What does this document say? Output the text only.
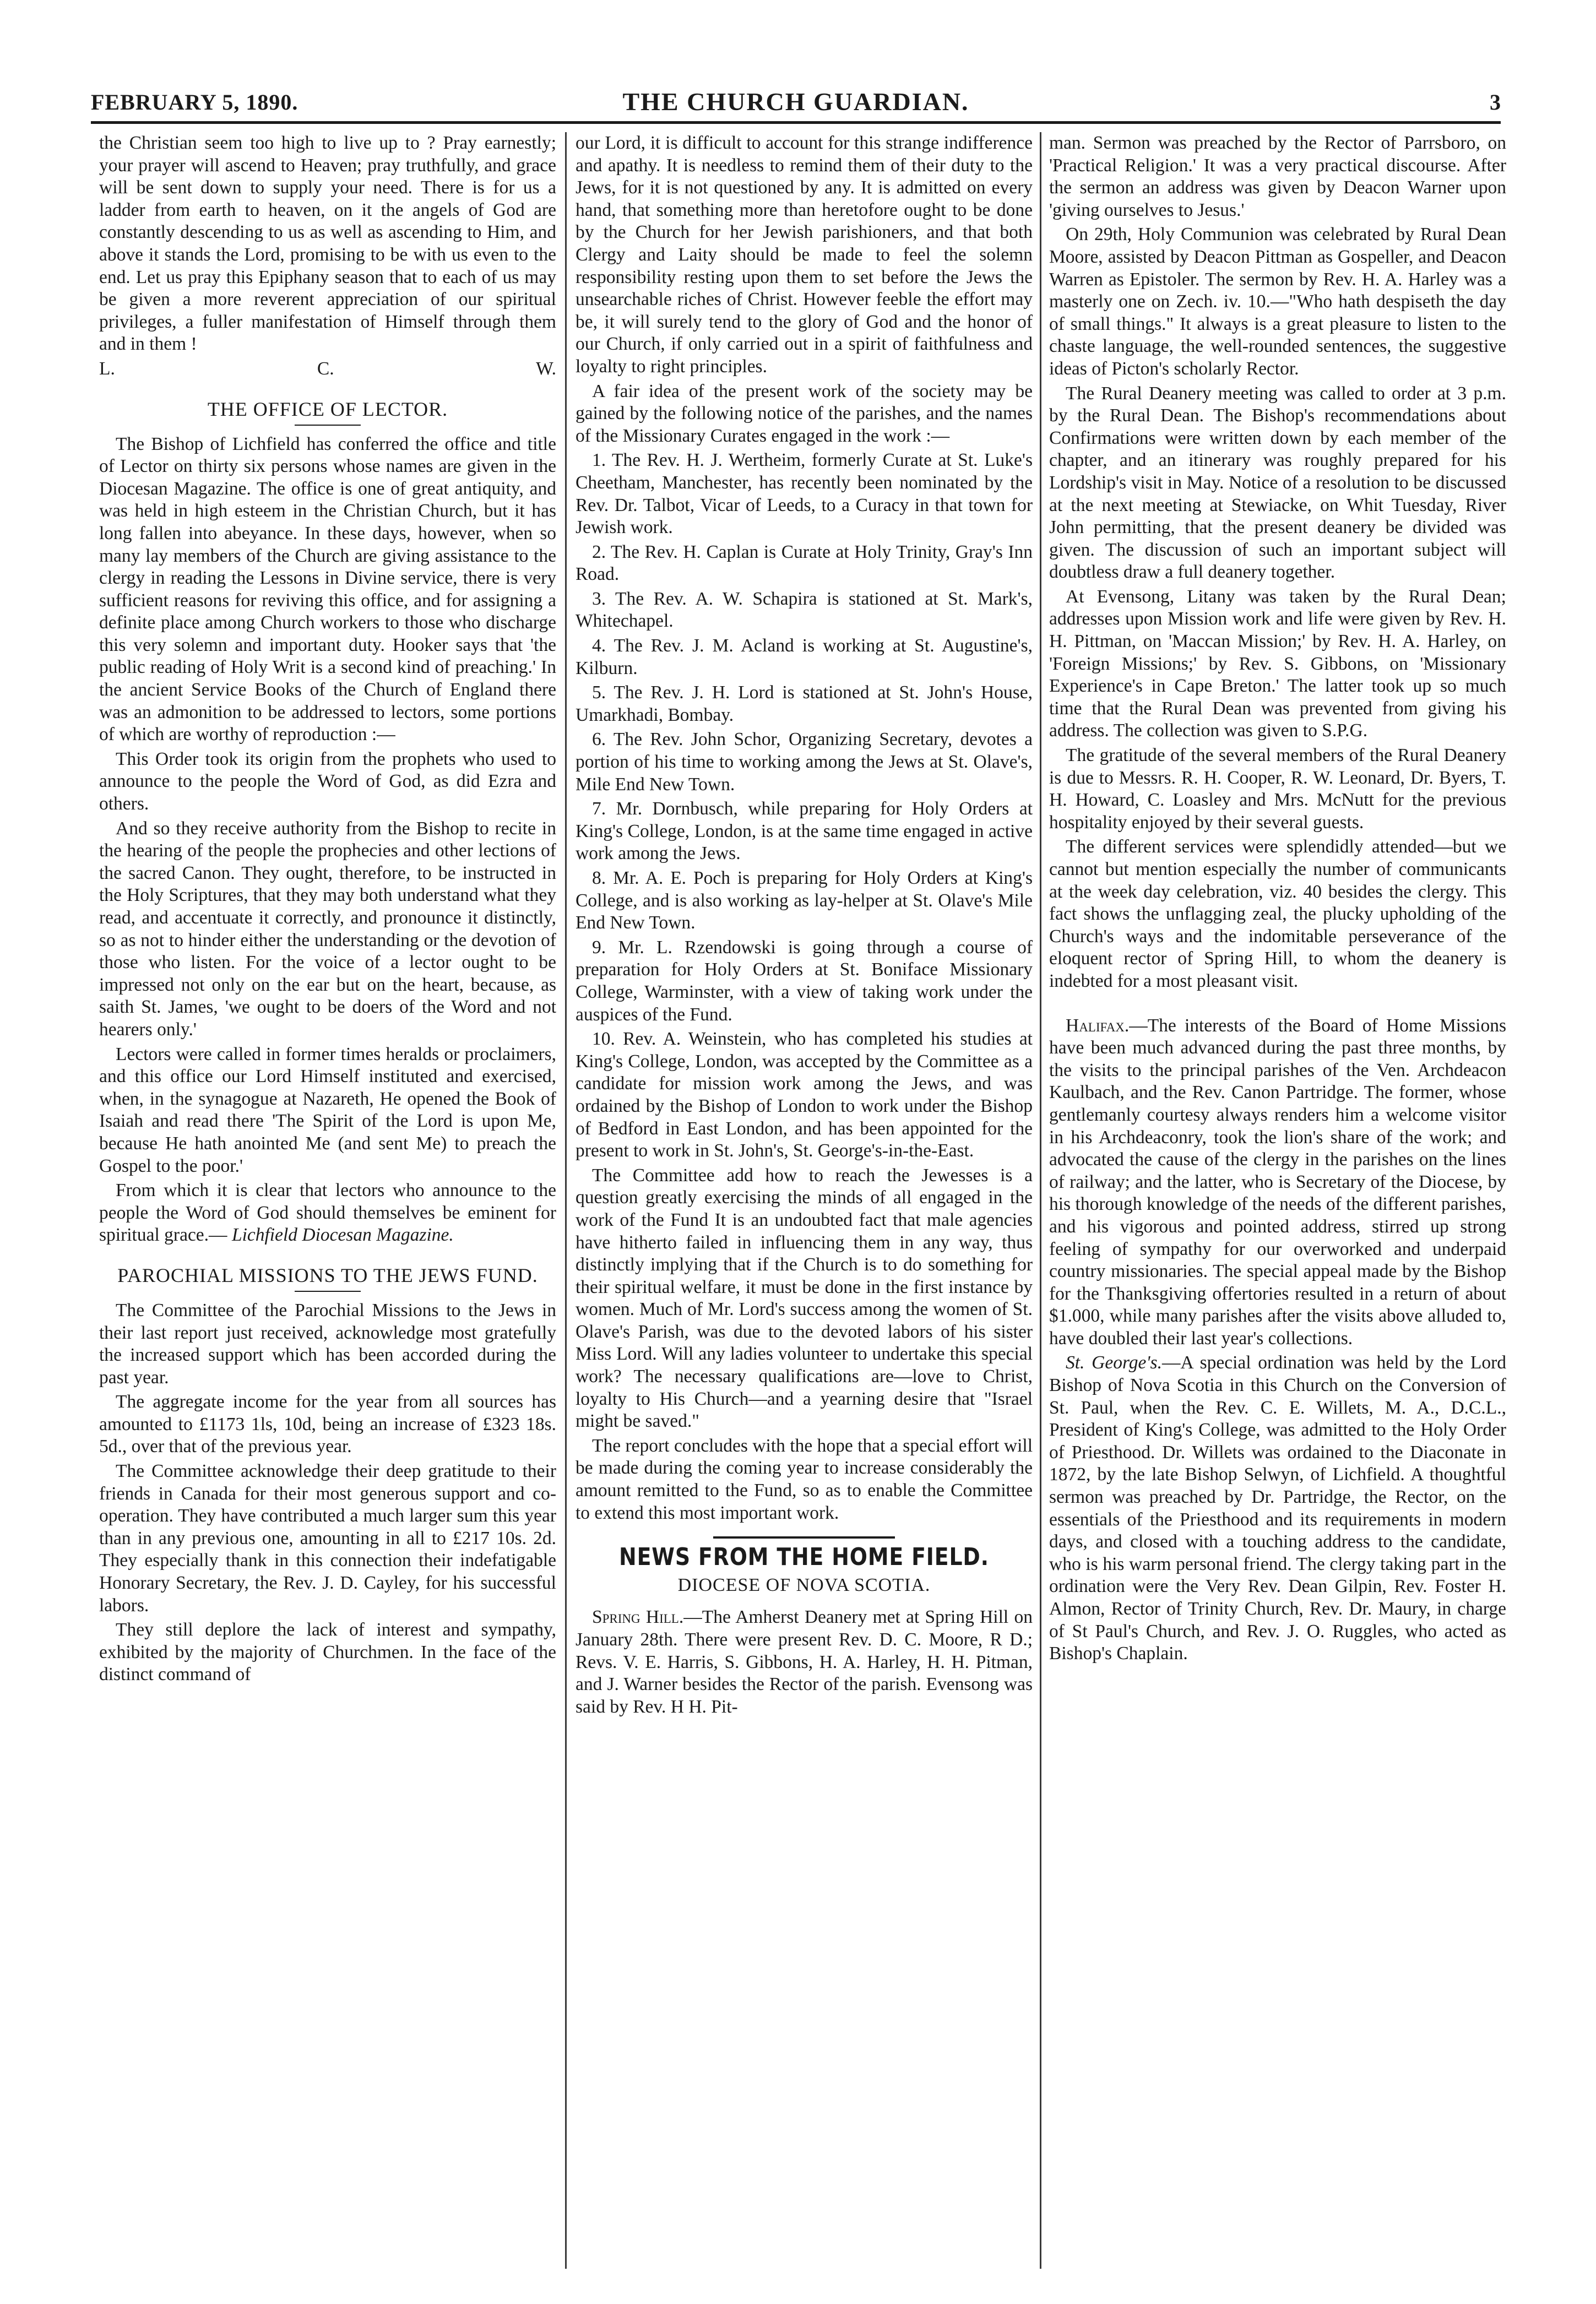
FEBRUARY 5, 1890.	THE CHURCH GUARDIAN.	3

the Christian seem too high to live up to ? Pray earnestly; your prayer will ascend to Heaven; pray truthfully, and grace will be sent down to supply your need. There is for us a ladder from earth to heaven, on it the angels of God are constantly descending to us as well as ascending to Him, and above it stands the Lord, promising to be with us even to the end. Let us pray this Epiphany season that to each of us may be given a more reverent appreciation of our spiritual privileges, a fuller manifestation of Himself through them and in them !

L. C. W.
THE OFFICE OF LECTOR.

The Bishop of Lichfield has conferred the office and title of Lector on thirty six persons whose names are given in the Diocesan Magazine. The office is one of great antiquity, and was held in high esteem in the Christian Church, but it has long fallen into abeyance. In these days, however, when so many lay members of the Church are giving assistance to the clergy in reading the Lessons in Divine service, there is very sufficient reasons for reviving this office, and for assigning a definite place among Church workers to those who discharge this very solemn and important duty. Hooker says that 'the public reading of Holy Writ is a second kind of preaching.' In the ancient Service Books of the Church of England there was an admonition to be addressed to lectors, some portions of which are worthy of reproduction :—

This Order took its origin from the prophets who used to announce to the people the Word of God, as did Ezra and others.

And so they receive authority from the Bishop to recite in the hearing of the people the prophecies and other lections of the sacred Canon. They ought, therefore, to be instructed in the Holy Scriptures, that they may both understand what they read, and accentuate it correctly, and pronounce it distinctly, so as not to hinder either the understanding or the devotion of those who listen. For the voice of a lector ought to be impressed not only on the ear but on the heart, because, as saith St. James, 'we ought to be doers of the Word and not hearers only.'

Lectors were called in former times heralds or proclaimers, and this office our Lord Himself instituted and exercised, when, in the synagogue at Nazareth, He opened the Book of Isaiah and read there 'The Spirit of the Lord is upon Me, because He hath anointed Me (and sent Me) to preach the Gospel to the poor.'

From which it is clear that lectors who announce to the people the Word of God should themselves be eminent for spiritual grace.— Lichfield Diocesan Magazine.

PAROCHIAL MISSIONS TO THE JEWS FUND.

The Committee of the Parochial Missions to the Jews in their last report just received, acknowledge most gratefully the increased support which has been accorded during the past year.

The aggregate income for the year from all sources has amounted to £1173 1ls, 10d, being an increase of £323 18s. 5d., over that of the previous year.

The Committee acknowledge their deep gratitude to their friends in Canada for their most generous support and co-operation. They have contributed a much larger sum this year than in any previous one, amounting in all to £217 10s. 2d. They especially thank in this connection their indefatigable Honorary Secretary, the Rev. J. D. Cayley, for his successful labors.

They still deplore the lack of interest and sympathy, exhibited by the majority of Churchmen. In the face of the distinct command of

our Lord, it is difficult to account for this strange indifference and apathy. It is needless to remind them of their duty to the Jews, for it is not questioned by any. It is admitted on every hand, that something more than heretofore ought to be done by the Church for her Jewish parishioners, and that both Clergy and Laity should be made to feel the solemn responsibility resting upon them to set before the Jews the unsearchable riches of Christ. However feeble the effort may be, it will surely tend to the glory of God and the honor of our Church, if only carried out in a spirit of faithfulness and loyalty to right principles.

A fair idea of the present work of the society may be gained by the following notice of the parishes, and the names of the Missionary Curates engaged in the work :—

1. The Rev. H. J. Wertheim, formerly Curate at St. Luke's Cheetham, Manchester, has recently been nominated by the Rev. Dr. Talbot, Vicar of Leeds, to a Curacy in that town for Jewish work.

2. The Rev. H. Caplan is Curate at Holy Trinity, Gray's Inn Road.

3. The Rev. A. W. Schapira is stationed at St. Mark's, Whitechapel.

4. The Rev. J. M. Acland is working at St. Augustine's, Kilburn.

5. The Rev. J. H. Lord is stationed at St. John's House, Umarkhadi, Bombay.

6. The Rev. John Schor, Organizing Secretary, devotes a portion of his time to working among the Jews at St. Olave's, Mile End New Town.

7. Mr. Dornbusch, while preparing for Holy Orders at King's College, London, is at the same time engaged in active work among the Jews.

8. Mr. A. E. Poch is preparing for Holy Orders at King's College, and is also working as lay-helper at St. Olave's Mile End New Town.

9. Mr. L. Rzendowski is going through a course of preparation for Holy Orders at St. Boniface Missionary College, Warminster, with a view of taking work under the auspices of the Fund.

10. Rev. A. Weinstein, who has completed his studies at King's College, London, was accepted by the Committee as a candidate for mission work among the Jews, and was ordained by the Bishop of London to work under the Bishop of Bedford in East London, and has been appointed for the present to work in St. John's, St. George's-in-the-East.

The Committee add how to reach the Jewesses is a question greatly exercising the minds of all engaged in the work of the Fund It is an undoubted fact that male agencies have hitherto failed in influencing them in any way, thus distinctly implying that if the Church is to do something for their spiritual welfare, it must be done in the first instance by women. Much of Mr. Lord's success among the women of St. Olave's Parish, was due to the devoted labors of his sister Miss Lord. Will any ladies volunteer to undertake this special work? The necessary qualifications are—love to Christ, loyalty to His Church—and a yearning desire that "Israel might be saved."

The report concludes with the hope that a special effort will be made during the coming year to increase considerably the amount remitted to the Fund, so as to enable the Committee to extend this most important work.

NEWS FROM THE HOME FIELD.
DIOCESE OF NOVA SCOTIA.

Spring Hill.—The Amherst Deanery met at Spring Hill on January 28th. There were present Rev. D. C. Moore, R D.; Revs. V. E. Harris, S. Gibbons, H. A. Harley, H. H. Pitman, and J. Warner besides the Rector of the parish. Evensong was said by Rev. H H. Pit-

man. Sermon was preached by the Rector of Parrsboro, on 'Practical Religion.' It was a very practical discourse. After the sermon an address was given by Deacon Warner upon 'giving ourselves to Jesus.'

On 29th, Holy Communion was celebrated by Rural Dean Moore, assisted by Deacon Pittman as Gospeller, and Deacon Warren as Epistoler. The sermon by Rev. H. A. Harley was a masterly one on Zech. iv. 10.—"Who hath despiseth the day of small things." It always is a great pleasure to listen to the chaste language, the well-rounded sentences, the suggestive ideas of Picton's scholarly Rector.

The Rural Deanery meeting was called to order at 3 p.m. by the Rural Dean. The Bishop's recommendations about Confirmations were written down by each member of the chapter, and an itinerary was roughly prepared for his Lordship's visit in May. Notice of a resolution to be discussed at the next meeting at Stewiacke, on Whit Tuesday, River John permitting, that the present deanery be divided was given. The discussion of such an important subject will doubtless draw a full deanery together.

At Evensong, Litany was taken by the Rural Dean; addresses upon Mission work and life were given by Rev. H. H. Pittman, on 'Maccan Mission;' by Rev. H. A. Harley, on 'Foreign Missions;' by Rev. S. Gibbons, on 'Missionary Experience's in Cape Breton.' The latter took up so much time that the Rural Dean was prevented from giving his address. The collection was given to S.P.G.

The gratitude of the several members of the Rural Deanery is due to Messrs. R. H. Cooper, R. W. Leonard, Dr. Byers, T. H. Howard, C. Loasley and Mrs. McNutt for the previous hospitality enjoyed by their several guests.

The different services were splendidly attended—but we cannot but mention especially the number of communicants at the week day celebration, viz. 40 besides the clergy. This fact shows the unflagging zeal, the plucky upholding of the Church's ways and the indomitable perseverance of the eloquent rector of Spring Hill, to whom the deanery is indebted for a most pleasant visit.

Halifax.—The interests of the Board of Home Missions have been much advanced during the past three months, by the visits to the principal parishes of the Ven. Archdeacon Kaulbach, and the Rev. Canon Partridge. The former, whose gentlemanly courtesy always renders him a welcome visitor in his Archdeaconry, took the lion's share of the work; and advocated the cause of the clergy in the parishes on the lines of railway; and the latter, who is Secretary of the Diocese, by his thorough knowledge of the needs of the different parishes, and his vigorous and pointed address, stirred up strong feeling of sympathy for our overworked and underpaid country missionaries. The special appeal made by the Bishop for the Thanksgiving offertories resulted in a return of about $1.000, while many parishes after the visits above alluded to, have doubled their last year's collections.

St. George's.—A special ordination was held by the Lord Bishop of Nova Scotia in this Church on the Conversion of St. Paul, when the Rev. C. E. Willets, M. A., D.C.L., President of King's College, was admitted to the Holy Order of Priesthood. Dr. Willets was ordained to the Diaconate in 1872, by the late Bishop Selwyn, of Lichfield. A thoughtful sermon was preached by Dr. Partridge, the Rector, on the essentials of the Priesthood and its requirements in modern days, and closed with a touching address to the candidate, who is his warm personal friend. The clergy taking part in the ordination were the Very Rev. Dean Gilpin, Rev. Foster H. Almon, Rector of Trinity Church, Rev. Dr. Maury, in charge of St Paul's Church, and Rev. J. O. Ruggles, who acted as Bishop's Chaplain.
